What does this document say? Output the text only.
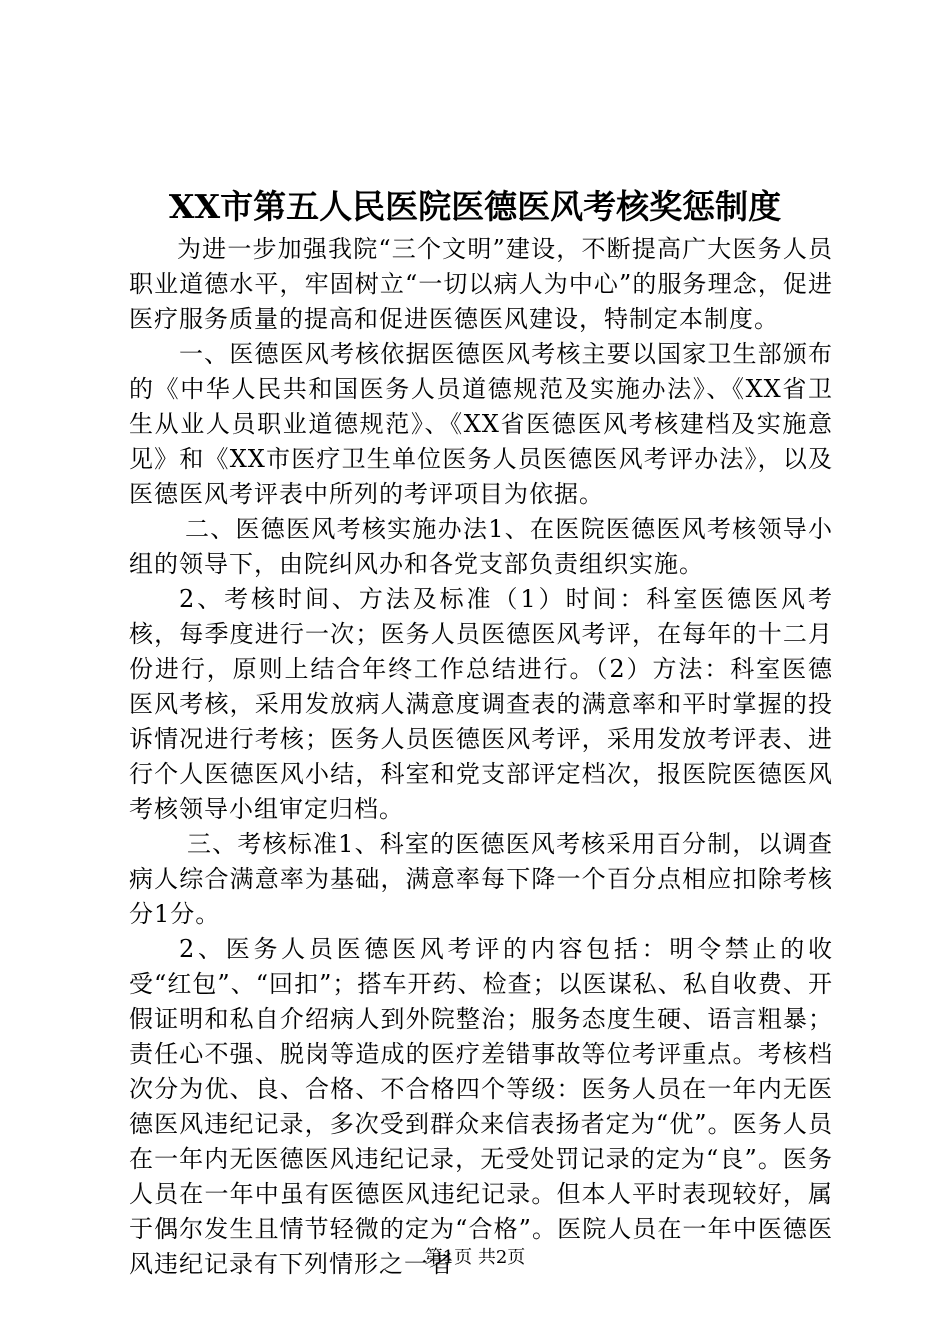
XX市第五人民医院医德医风考核奖惩制度

为进一步加强我院“三个文明”建设，不断提高广大医务人员职业道德水平，牢固树立“一切以病人为中心”的服务理念，促进医疗服务质量的提高和促进医德医风建设，特制定本制度。

一、医德医风考核依据医德医风考核主要以国家卫生部颁布的《中华人民共和国医务人员道德规范及实施办法》、《XX省卫生从业人员职业道德规范》、《XX省医德医风考核建档及实施意见》和《XX市医疗卫生单位医务人员医德医风考评办法》，以及医德医风考评表中所列的考评项目为依据。

二、医德医风考核实施办法1、在医院医德医风考核领导小组的领导下，由院纠风办和各党支部负责组织实施。

2、考核时间、方法及标准（1）时间：科室医德医风考核，每季度进行一次；医务人员医德医风考评，在每年的十二月份进行，原则上结合年终工作总结进行。（2）方法：科室医德医风考核，采用发放病人满意度调查表的满意率和平时掌握的投诉情况进行考核；医务人员医德医风考评，采用发放考评表、进行个人医德医风小结，科室和党支部评定档次，报医院医德医风考核领导小组审定归档。

三、考核标准1、科室的医德医风考核采用百分制，以调查病人综合满意率为基础，满意率每下降一个百分点相应扣除考核分1分。

2、医务人员医德医风考评的内容包括：明令禁止的收受“红包”、“回扣”；搭车开药、检查；以医谋私、私自收费、开假证明和私自介绍病人到外院整治；服务态度生硬、语言粗暴；责任心不强、脱岗等造成的医疗差错事故等位考评重点。考核档次分为优、良、合格、不合格四个等级：医务人员在一年内无医德医风违纪记录，多次受到群众来信表扬者定为“优”。医务人员在一年内无医德医风违纪记录，无受处罚记录的定为“良”。医务人员在一年中虽有医德医风违纪记录。但本人平时表现较好，属于偶尔发生且情节轻微的定为“合格”。医院人员在一年中医德医风违纪记录有下列情形之一者

第1页 共2页
